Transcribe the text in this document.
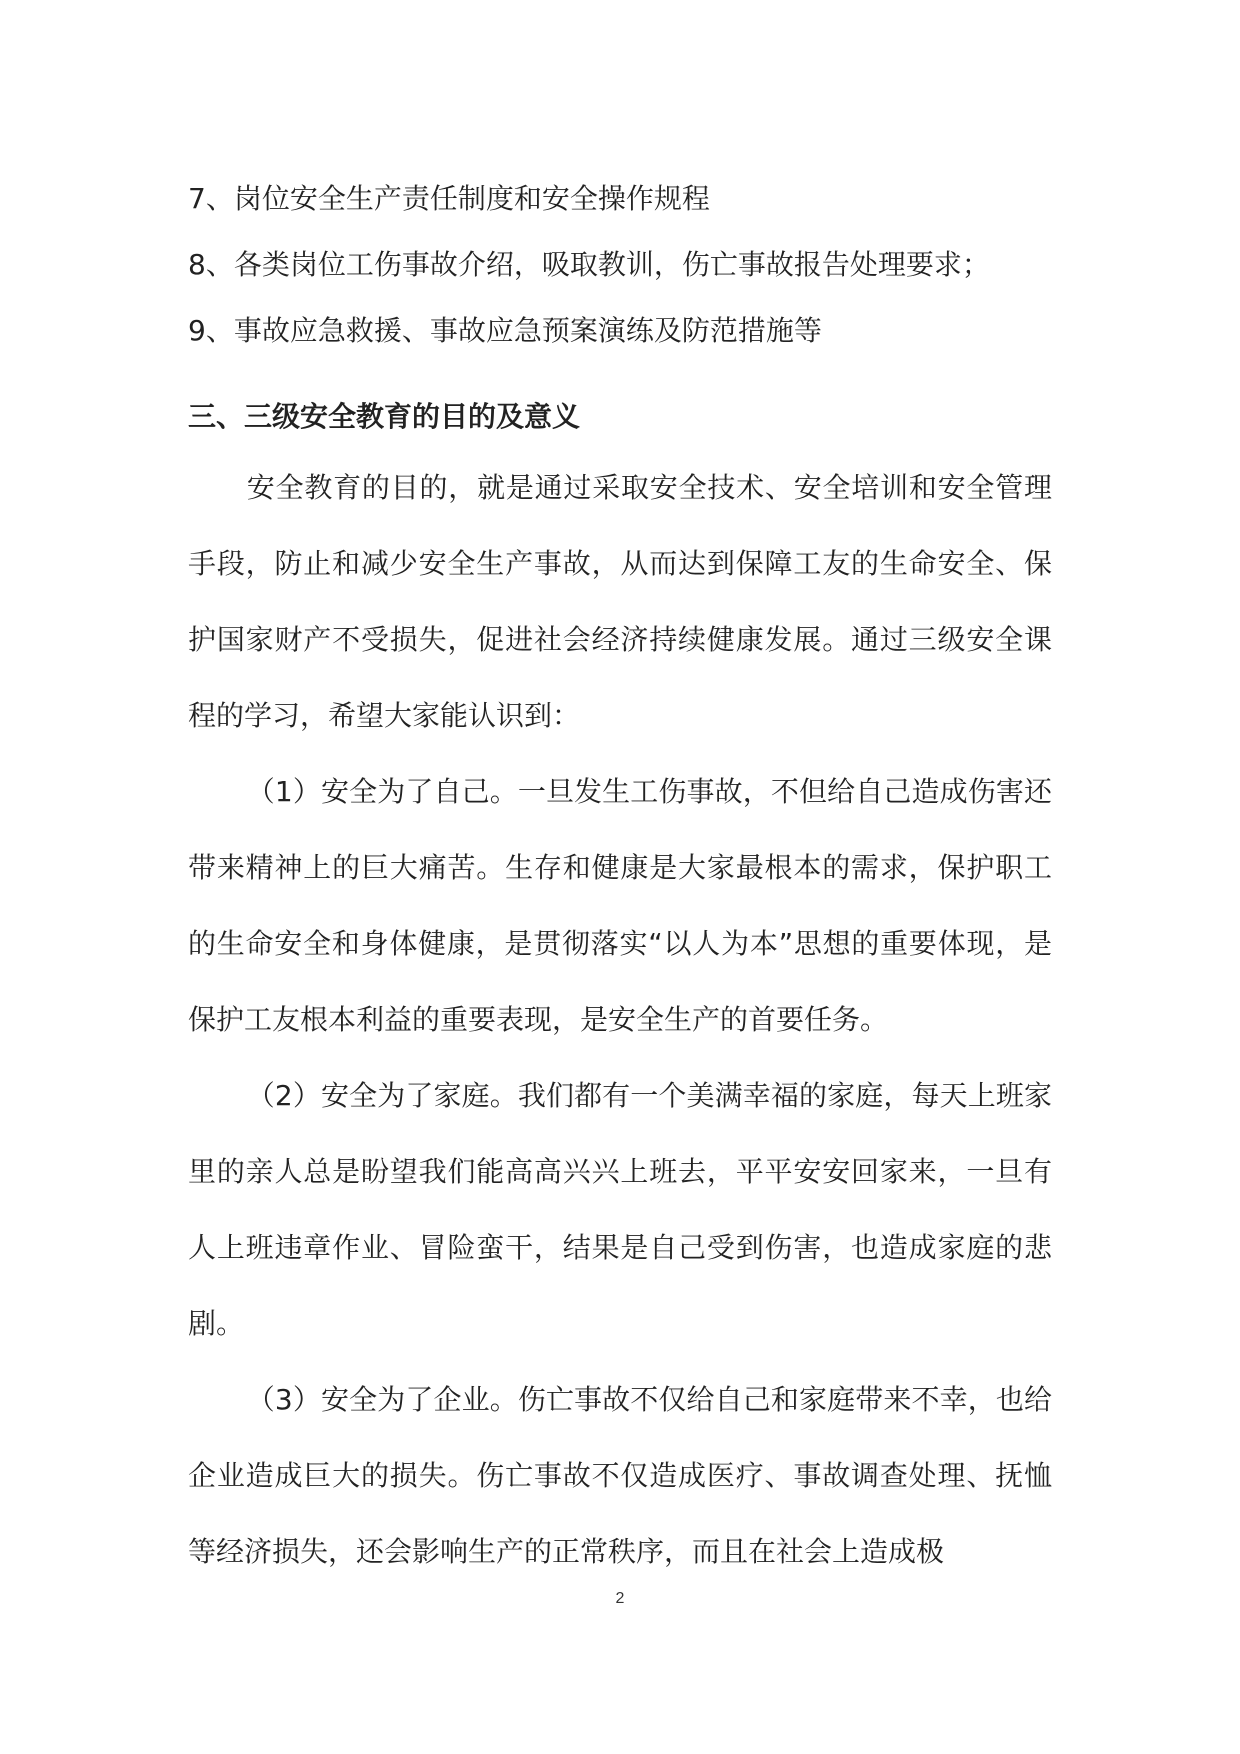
7、岗位安全生产责任制度和安全操作规程

8、各类岗位工伤事故介绍，吸取教训，伤亡事故报告处理要求；

9、事故应急救援、事故应急预案演练及防范措施等

三、三级安全教育的目的及意义

安全教育的目的，就是通过采取安全技术、安全培训和安全管理手段，防止和减少安全生产事故，从而达到保障工友的生命安全、保护国家财产不受损失，促进社会经济持续健康发展。通过三级安全课程的学习，希望大家能认识到：

（1）安全为了自己。一旦发生工伤事故，不但给自己造成伤害还带来精神上的巨大痛苦。生存和健康是大家最根本的需求，保护职工的生命安全和身体健康，是贯彻落实“以人为本”思想的重要体现，是保护工友根本利益的重要表现，是安全生产的首要任务。

（2）安全为了家庭。我们都有一个美满幸福的家庭，每天上班家里的亲人总是盼望我们能高高兴兴上班去，平平安安回家来，一旦有人上班违章作业、冒险蛮干，结果是自己受到伤害，也造成家庭的悲剧。

（3）安全为了企业。伤亡事故不仅给自己和家庭带来不幸，也给企业造成巨大的损失。伤亡事故不仅造成医疗、事故调查处理、抚恤等经济损失，还会影响生产的正常秩序，而且在社会上造成极

2
